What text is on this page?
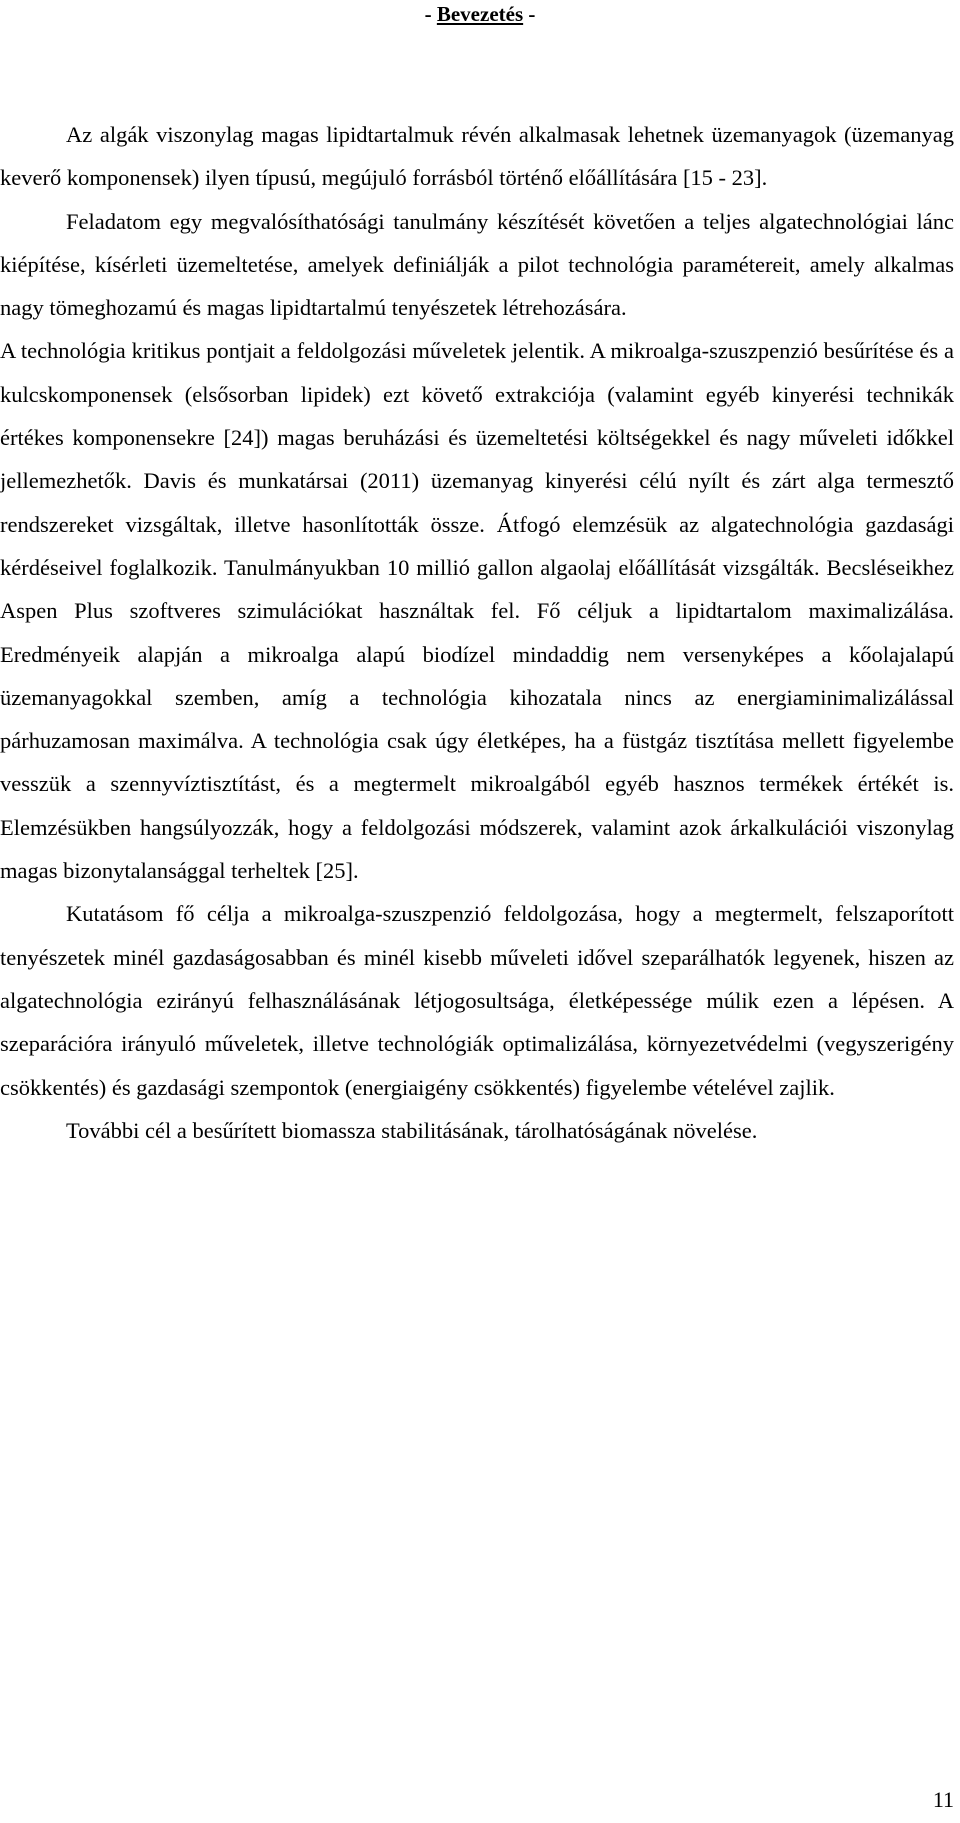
- Bevezetés -

Az algák viszonylag magas lipidtartalmuk révén alkalmasak lehetnek üzemanyagok (üzemanyag keverő komponensek) ilyen típusú, megújuló forrásból történő előállítására [15 - 23].

Feladatom egy megvalósíthatósági tanulmány készítését követően a teljes algatechnológiai lánc kiépítése, kísérleti üzemeltetése, amelyek definiálják a pilot technológia paramétereit, amely alkalmas nagy tömeghozamú és magas lipidtartalmú tenyészetek létrehozására.

A technológia kritikus pontjait a feldolgozási műveletek jelentik. A mikroalga-szuszpenzió besűrítése és a kulcskomponensek (elsősorban lipidek) ezt követő extrakciója (valamint egyéb kinyerési technikák értékes komponensekre [24]) magas beruházási és üzemeltetési költségekkel és nagy műveleti időkkel jellemezhetők. Davis és munkatársai (2011) üzemanyag kinyerési célú nyílt és zárt alga termesztő rendszereket vizsgáltak, illetve hasonlították össze. Átfogó elemzésük az algatechnológia gazdasági kérdéseivel foglalkozik. Tanulmányukban 10 millió gallon algaolaj előállítását vizsgálták. Becsléseikhez Aspen Plus szoftveres szimulációkat használtak fel. Fő céljuk a lipidtartalom maximalizálása. Eredményeik alapján a mikroalga alapú biodízel mindaddig nem versenyképes a kőolajalapú üzemanyagokkal szemben, amíg a technológia kihozatala nincs az energiaminimalizálással párhuzamosan maximálva. A technológia csak úgy életképes, ha a füstgáz tisztítása mellett figyelembe vesszük a szennyvíztisztítást, és a megtermelt mikroalgából egyéb hasznos termékek értékét is. Elemzésükben hangsúlyozzák, hogy a feldolgozási módszerek, valamint azok árkalkulációi viszonylag magas bizonytalansággal terheltek [25].

Kutatásom fő célja a mikroalga-szuszpenzió feldolgozása, hogy a megtermelt, felszaporított tenyészetek minél gazdaságosabban és minél kisebb műveleti idővel szeparálhatók legyenek, hiszen az algatechnológia ezirányú felhasználásának létjogosultsága, életképessége múlik ezen a lépésen. A szeparációra irányuló műveletek, illetve technológiák optimalizálása, környezetvédelmi (vegyszerigény csökkentés) és gazdasági szempontok (energiaigény csökkentés) figyelembe vételével zajlik.

További cél a besűrített biomassza stabilitásának, tárolhatóságának növelése.

11
